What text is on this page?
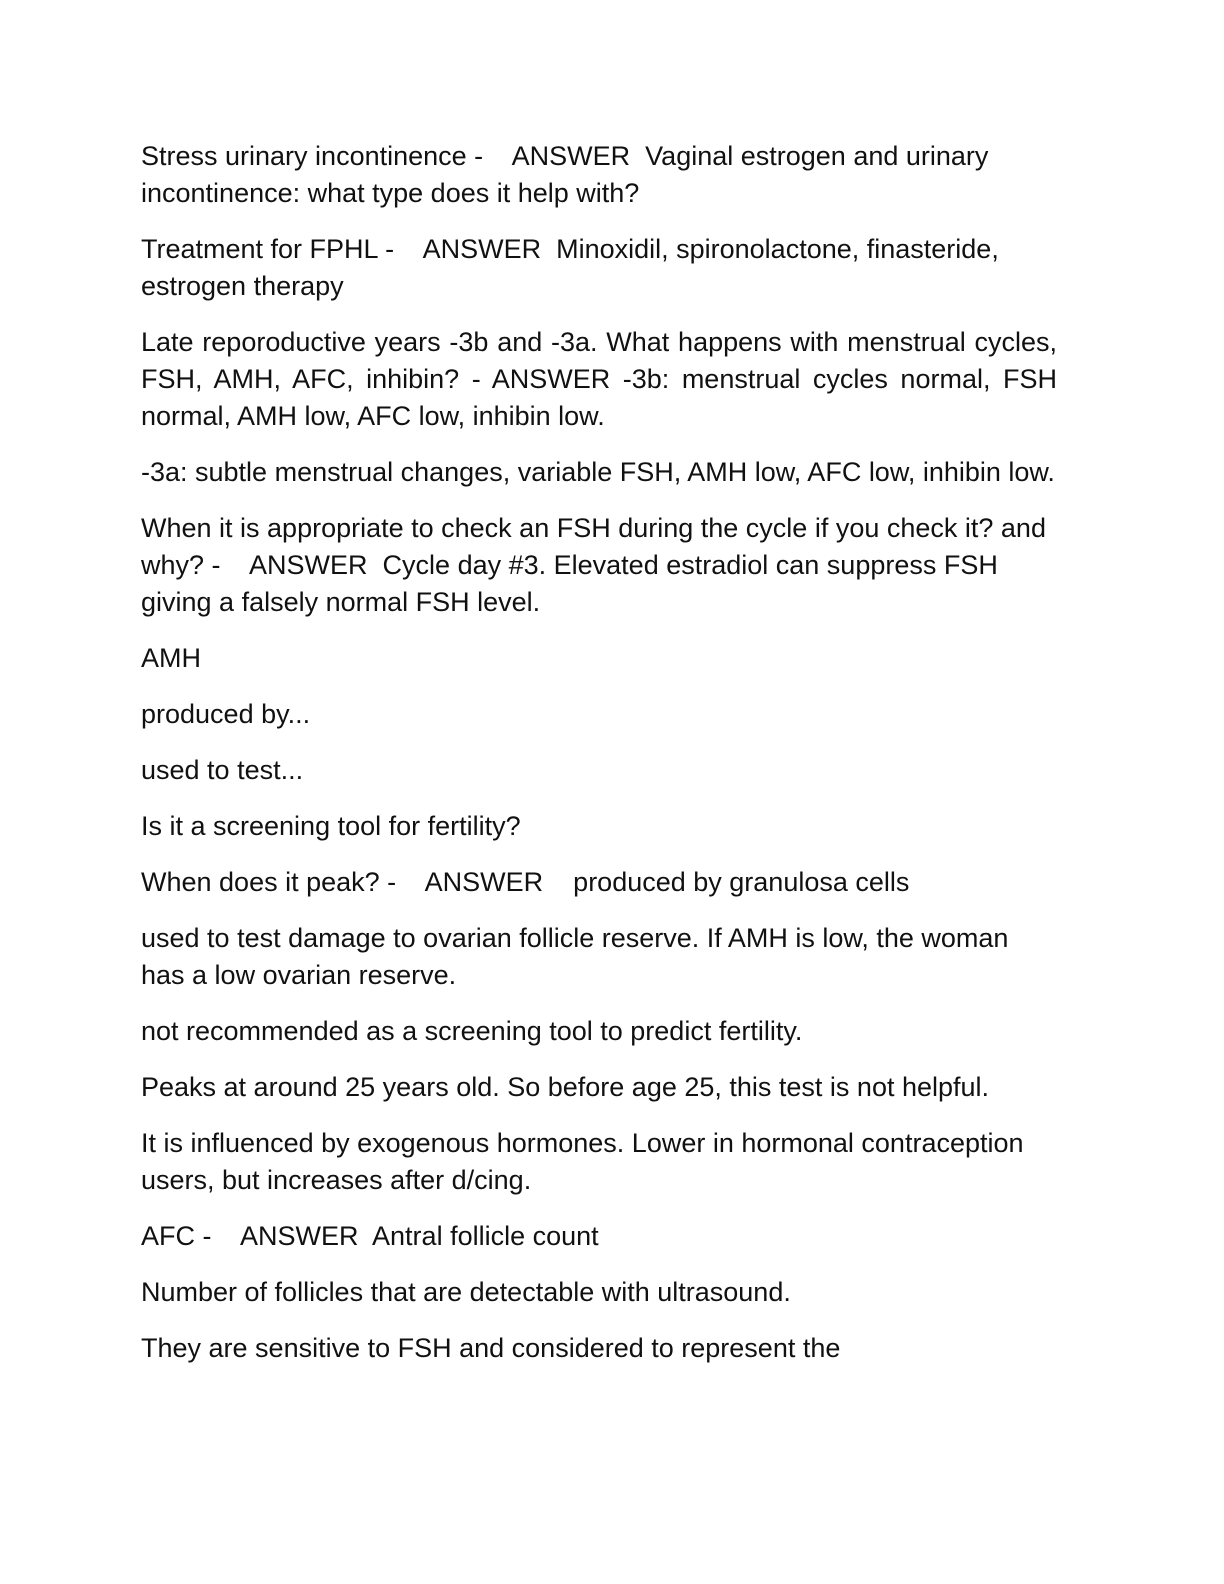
Stress urinary incontinence -    ANSWER  Vaginal estrogen and urinary incontinence: what type does it help with?

Treatment for FPHL -    ANSWER  Minoxidil, spironolactone, finasteride, estrogen therapy

Late reporoductive years -3b and -3a. What happens with menstrual cycles, FSH, AMH, AFC, inhibin? - ANSWER -3b: menstrual cycles normal, FSH normal, AMH low, AFC low, inhibin low.

-3a: subtle menstrual changes, variable FSH, AMH low, AFC low, inhibin low.

When it is appropriate to check an FSH during the cycle if you check it? and why? -    ANSWER  Cycle day #3. Elevated estradiol can suppress FSH giving a falsely normal FSH level.

AMH

produced by...

used to test...

Is it a screening tool for fertility?

When does it peak? -    ANSWER    produced by granulosa cells

used to test damage to ovarian follicle reserve. If AMH is low, the woman has a low ovarian reserve.

not recommended as a screening tool to predict fertility.

Peaks at around 25 years old. So before age 25, this test is not helpful.

It is influenced by exogenous hormones. Lower in hormonal contraception users, but increases after d/cing.

AFC -    ANSWER  Antral follicle count

Number of follicles that are detectable with ultrasound.

They are sensitive to FSH and considered to represent the
